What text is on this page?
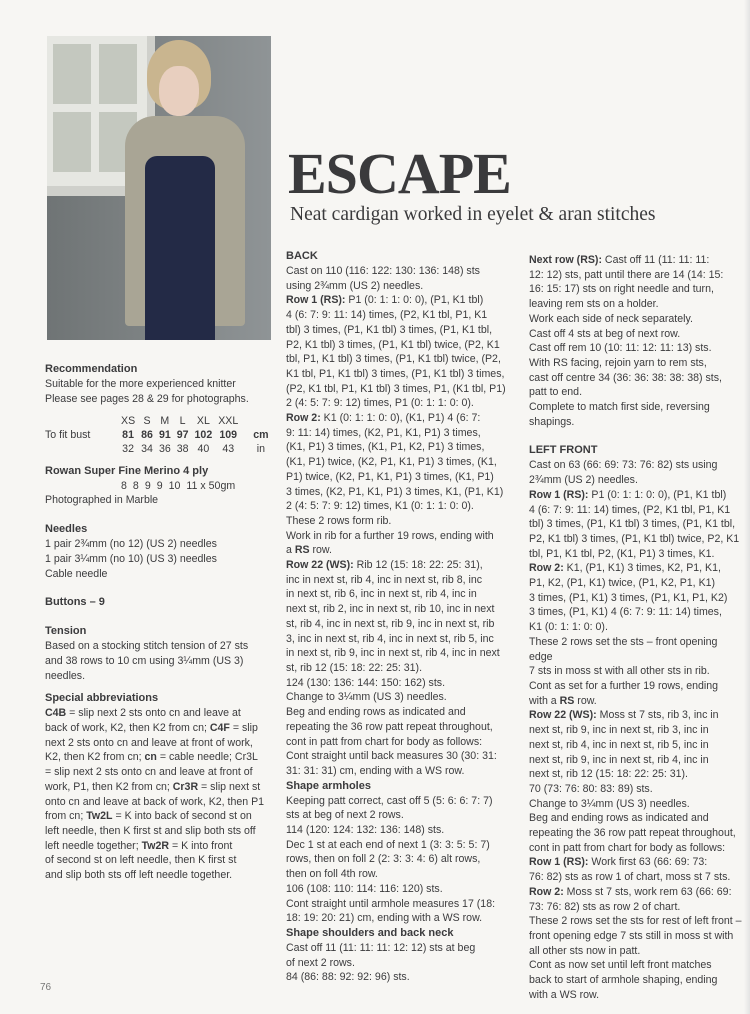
ESCAPE
Neat cardigan worked in eyelet & aran stitches

Recommendation

Suitable for the more experienced knitter

Please see pages 28 & 29 for photographs.

	XS	S	M	L	XL	XXL	
To fit bust	81	86	91	97	102	109	cm
	32	34	36	38	40	43	in

Rowan Super Fine Merino 4 ply

	8	8	9	9	10	11	x 50gm

Photographed in Marble

Needles

1 pair 2¾mm (no 12) (US 2) needles

1 pair 3¼mm (no 10) (US 3) needles

Cable needle

Buttons – 9

Tension

Based on a stocking stitch tension of 27 sts

and 38 rows to 10 cm using 3¼mm (US 3)

needles.

Special abbreviations

C4B = slip next 2 sts onto cn and leave at

back of work, K2, then K2 from cn; C4F = slip

next 2 sts onto cn and leave at front of work,

K2, then K2 from cn; cn = cable needle; Cr3L

= slip next 2 sts onto cn and leave at front of

work, P1, then K2 from cn; Cr3R = slip next st

onto cn and leave at back of work, K2, then P1

from cn; Tw2L = K into back of second st on

left needle, then K first st and slip both sts off

left needle together; Tw2R = K into front

of second st on left needle, then K first st

and slip both sts off left needle together.

BACK

Cast on 110 (116: 122: 130: 136: 148) sts

using 2¾mm (US 2) needles.

Row 1 (RS): P1 (0: 1: 1: 0: 0), (P1, K1 tbl)

4 (6: 7: 9: 11: 14) times, (P2, K1 tbl, P1, K1

tbl) 3 times, (P1, K1 tbl) 3 times, (P1, K1 tbl,

P2, K1 tbl) 3 times, (P1, K1 tbl) twice, (P2, K1

tbl, P1, K1 tbl) 3 times, (P1, K1 tbl) twice, (P2,

K1 tbl, P1, K1 tbl) 3 times, (P1, K1 tbl) 3 times,

(P2, K1 tbl, P1, K1 tbl) 3 times, P1, (K1 tbl, P1)

2 (4: 5: 7: 9: 12) times, P1 (0: 1: 1: 0: 0).

Row 2: K1 (0: 1: 1: 0: 0), (K1, P1) 4 (6: 7:

9: 11: 14) times, (K2, P1, K1, P1) 3 times,

(K1, P1) 3 times, (K1, P1, K2, P1) 3 times,

(K1, P1) twice, (K2, P1, K1, P1) 3 times, (K1,

P1) twice, (K2, P1, K1, P1) 3 times, (K1, P1)

3 times, (K2, P1, K1, P1) 3 times, K1, (P1, K1)

2 (4: 5: 7: 9: 12) times, K1 (0: 1: 1: 0: 0).

These 2 rows form rib.

Work in rib for a further 19 rows, ending with

a RS row.

Row 22 (WS): Rib 12 (15: 18: 22: 25: 31),

inc in next st, rib 4, inc in next st, rib 8, inc

in next st, rib 6, inc in next st, rib 4, inc in

next st, rib 2, inc in next st, rib 10, inc in next

st, rib 4, inc in next st, rib 9, inc in next st, rib

3, inc in next st, rib 4, inc in next st, rib 5, inc

in next st, rib 9, inc in next st, rib 4, inc in next

st, rib 12 (15: 18: 22: 25: 31).

124 (130: 136: 144: 150: 162) sts.

Change to 3¼mm (US 3) needles.

Beg and ending rows as indicated and

repeating the 36 row patt repeat throughout,

cont in patt from chart for body as follows:

Cont straight until back measures 30 (30: 31:

31: 31: 31) cm, ending with a WS row.

Shape armholes

Keeping patt correct, cast off 5 (5: 6: 6: 7: 7)

sts at beg of next 2 rows.

114 (120: 124: 132: 136: 148) sts.

Dec 1 st at each end of next 1 (3: 3: 5: 5: 7)

rows, then on foll 2 (2: 3: 3: 4: 6) alt rows,

then on foll 4th row.

106 (108: 110: 114: 116: 120) sts.

Cont straight until armhole measures 17 (18:

18: 19: 20: 21) cm, ending with a WS row.

Shape shoulders and back neck

Cast off 11 (11: 11: 11: 12: 12) sts at beg

of next 2 rows.

84 (86: 88: 92: 92: 96) sts.

Next row (RS): Cast off 11 (11: 11: 11:

12: 12) sts, patt until there are 14 (14: 15:

16: 15: 17) sts on right needle and turn,

leaving rem sts on a holder.

Work each side of neck separately.

Cast off 4 sts at beg of next row.

Cast off rem 10 (10: 11: 12: 11: 13) sts.

With RS facing, rejoin yarn to rem sts,

cast off centre 34 (36: 36: 38: 38: 38) sts,

patt to end.

Complete to match first side, reversing

shapings.

LEFT FRONT

Cast on 63 (66: 69: 73: 76: 82) sts using

2¾mm (US 2) needles.

Row 1 (RS): P1 (0: 1: 1: 0: 0), (P1, K1 tbl)

4 (6: 7: 9: 11: 14) times, (P2, K1 tbl, P1, K1

tbl) 3 times, (P1, K1 tbl) 3 times, (P1, K1 tbl,

P2, K1 tbl) 3 times, (P1, K1 tbl) twice, P2, K1

tbl, P1, K1 tbl, P2, (K1, P1) 3 times, K1.

Row 2: K1, (P1, K1) 3 times, K2, P1, K1,

P1, K2, (P1, K1) twice, (P1, K2, P1, K1)

3 times, (P1, K1) 3 times, (P1, K1, P1, K2)

3 times, (P1, K1) 4 (6: 7: 9: 11: 14) times,

K1 (0: 1: 1: 0: 0).

These 2 rows set the sts – front opening edge

7 sts in moss st with all other sts in rib.

Cont as set for a further 19 rows, ending

with a RS row.

Row 22 (WS): Moss st 7 sts, rib 3, inc in

next st, rib 9, inc in next st, rib 3, inc in

next st, rib 4, inc in next st, rib 5, inc in

next st, rib 9, inc in next st, rib 4, inc in

next st, rib 12 (15: 18: 22: 25: 31).

70 (73: 76: 80: 83: 89) sts.

Change to 3¼mm (US 3) needles.

Beg and ending rows as indicated and

repeating the 36 row patt repeat throughout,

cont in patt from chart for body as follows:

Row 1 (RS): Work first 63 (66: 69: 73:

76: 82) sts as row 1 of chart, moss st 7 sts.

Row 2: Moss st 7 sts, work rem 63 (66: 69:

73: 76: 82) sts as row 2 of chart.

These 2 rows set the sts for rest of left front –

front opening edge 7 sts still in moss st with

all other sts now in patt.

Cont as now set until left front matches

back to start of armhole shaping, ending

with a WS row.

76
